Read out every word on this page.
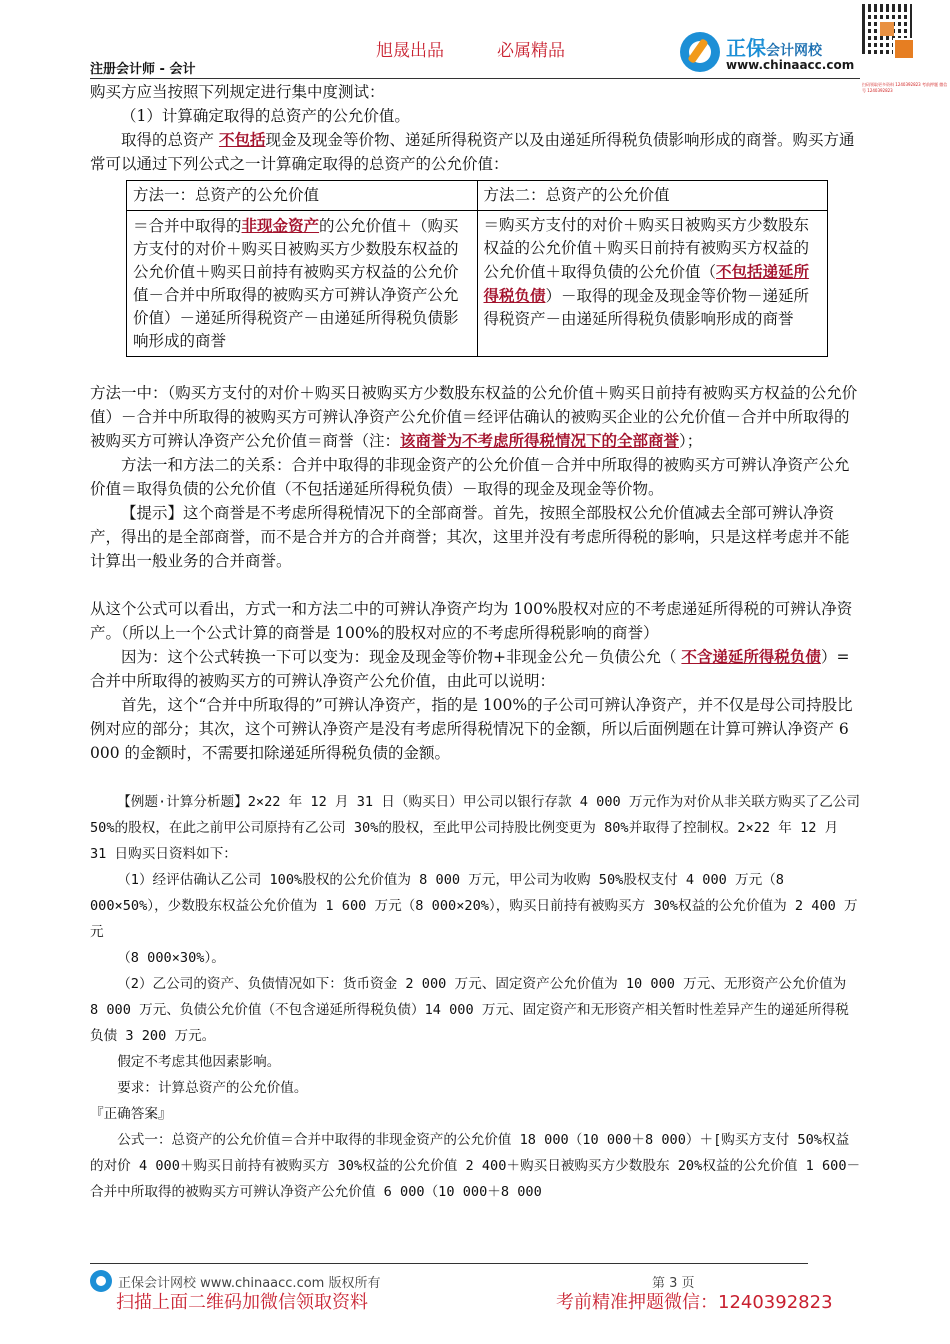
旭晟出品	必属精品	正保会计网校
www.chinaacc.com
扫码领取更多资料 1240392823 考前押题 微信号 1240392823
注册会计师 - 会计

购买方应当按照下列规定进行集中度测试：

（1）计算确定取得的总资产的公允价值。

取得的总资产 不包括现金及现金等价物、递延所得税资产以及由递延所得税负债影响形成的商誉。购买方通常可以通过下列公式之一计算确定取得的总资产的公允价值：

方法一：总资产的公允价值	方法二：总资产的公允价值
＝合并中取得的非现金资产的公允价值＋（购买方支付的对价＋购买日被购买方少数股东权益的公允价值＋购买日前持有被购买方权益的公允价值－合并中所取得的被购买方可辨认净资产公允价值）－递延所得税资产－由递延所得税负债影响形成的商誉	＝购买方支付的对价＋购买日被购买方少数股东权益的公允价值＋购买日前持有被购买方权益的公允价值＋取得负债的公允价值（不包括递延所得税负债）－取得的现金及现金等价物－递延所得税资产－由递延所得税负债影响形成的商誉

方法一中：（购买方支付的对价＋购买日被购买方少数股东权益的公允价值＋购买日前持有被购买方权益的公允价值）－合并中所取得的被购买方可辨认净资产公允价值＝经评估确认的被购买企业的公允价值－合并中所取得的被购买方可辨认净资产公允价值＝商誉（注：该商誉为不考虑所得税情况下的全部商誉）；

方法一和方法二的关系：合并中取得的非现金资产的公允价值－合并中所取得的被购买方可辨认净资产公允价值＝取得负债的公允价值（不包括递延所得税负债）－取得的现金及现金等价物。

【提示】这个商誉是不考虑所得税情况下的全部商誉。首先，按照全部股权公允价值减去全部可辨认净资产，得出的是全部商誉，而不是合并方的合并商誉；其次，这里并没有考虑所得税的影响，只是这样考虑并不能计算出一般业务的合并商誉。

从这个公式可以看出，方式一和方法二中的可辨认净资产均为 100%股权对应的不考虑递延所得税的可辨认净资产。（所以上一个公式计算的商誉是 100%的股权对应的不考虑所得税影响的商誉）

因为：这个公式转换一下可以变为：现金及现金等价物+非现金公允－负债公允（ 不含递延所得税负债）=合并中所取得的被购买方的可辨认净资产公允价值，由此可以说明：

首先，这个“合并中所取得的”可辨认净资产，指的是 100%的子公司可辨认净资产，并不仅是母公司持股比例对应的部分；其次，这个可辨认净资产是没有考虑所得税情况下的金额，所以后面例题在计算可辨认净资产 6 000 的金额时，不需要扣除递延所得税负债的金额。

【例题·计算分析题】2×22 年 12 月 31 日（购买日）甲公司以银行存款 4 000 万元作为对价从非关联方购买了乙公司 50%的股权，在此之前甲公司原持有乙公司 30%的股权，至此甲公司持股比例变更为 80%并取得了控制权。2×22 年 12 月 31 日购买日资料如下：

（1）经评估确认乙公司 100%股权的公允价值为 8 000 万元，甲公司为收购 50%股权支付 4 000 万元（8 000×50%），少数股东权益公允价值为 1 600 万元（8 000×20%），购买日前持有被购买方 30%权益的公允价值为 2 400 万元

（8 000×30%）。

（2）乙公司的资产、负债情况如下：货币资金 2 000 万元、固定资产公允价值为 10 000 万元、无形资产公允价值为 8 000 万元、负债公允价值（不包含递延所得税负债）14 000 万元、固定资产和无形资产相关暂时性差异产生的递延所得税负债 3 200 万元。

假定不考虑其他因素影响。

要求：计算总资产的公允价值。

『正确答案』

公式一：总资产的公允价值＝合并中取得的非现金资产的公允价值 18 000（10 000＋8 000）＋[购买方支付 50%权益的对价 4 000＋购买日前持有被购买方 30%权益的公允价值 2 400＋购买日被购买方少数股东 20%权益的公允价值 1 600－合并中所取得的被购买方可辨认净资产公允价值 6 000（10 000＋8 000

正保会计网校 www.chinaacc.com 版权所有	第 3 页
扫描上面二维码加微信领取资料	考前精准押题微信：1240392823
